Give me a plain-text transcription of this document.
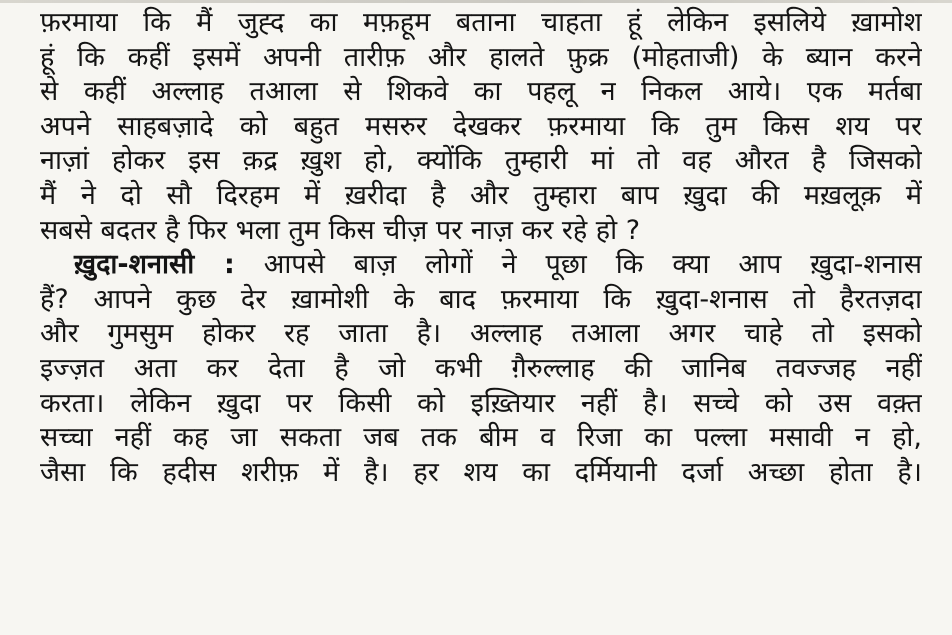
फ़रमाया कि मैं जुह्द का मफ़हूम बताना चाहता हूं लेकिन इसलिये ख़ामोश
हूं कि कहीं इसमें अपनी तारीफ़ और हालते फ़ुक्र (मोहताजी) के ब्यान करने
से कहीं अल्लाह तआला से शिकवे का पहलू न निकल आये। एक मर्तबा
अपने साहबज़ादे को बहुत मसरुर देखकर फ़रमाया कि तुम किस शय पर
नाज़ां होकर इस क़द्र ख़ुश हो, क्योंकि तुम्हारी मां तो वह औरत है जिसको
मैं ने दो सौ दिरहम में ख़रीदा है और तुम्हारा बाप ख़ुदा की मख़लूक़ में
सबसे बदतर है फिर भला तुम किस चीज़ पर नाज़ कर रहे हो ?
ख़ुदा-शनासी : आपसे बाज़ लोगों ने पूछा कि क्या आप ख़ुदा-शनास
हैं? आपने कुछ देर ख़ामोशी के बाद फ़रमाया कि ख़ुदा-शनास तो हैरतज़दा
और गुमसुम होकर रह जाता है। अल्लाह तआला अगर चाहे तो इसको
इज्ज़त अता कर देता है जो कभी ग़ैरुल्लाह की जानिब तवज्जह नहीं
करता। लेकिन ख़ुदा पर किसी को इख़्तियार नहीं है। सच्चे को उस वक़्त
सच्चा नहीं कह जा सकता जब तक बीम व रिजा का पल्ला मसावी न हो,
जैसा कि हदीस शरीफ़ में है। हर शय का दर्मियानी दर्जा अच्छा होता है।
